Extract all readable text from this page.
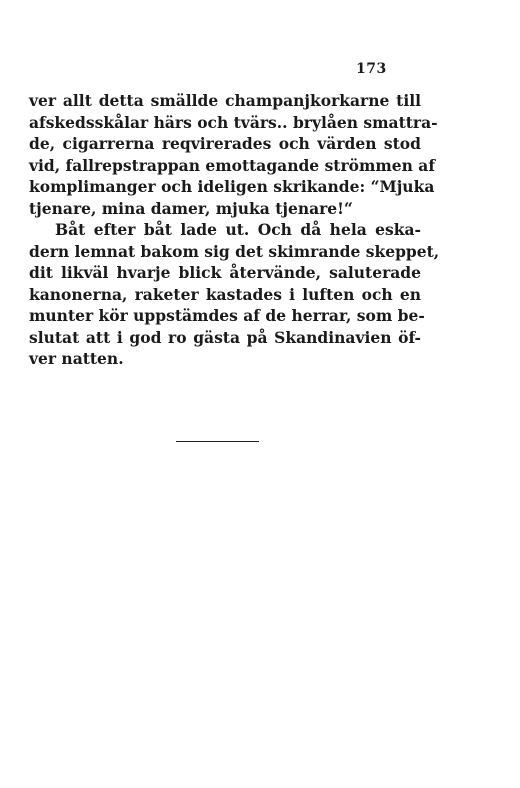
173
ver allt detta smällde champanjkorkarne till
afskedsskålar härs och tvärs.. brylåen smattra-
de, cigarrerna reqvirerades och värden stod
vid, fallrepstrappan emottagande strömmen af
komplimanger och ideligen skrikande: “Mjuka
tjenare, mina damer, mjuka tjenare!“
Båt efter båt lade ut. Och då hela eska-
dern lemnat bakom sig det skimrande skeppet,
dit likväl hvarje blick återvände, saluterade
kanonerna, raketer kastades i luften och en
munter kör uppstämdes af de herrar, som be-
slutat att i god ro gästa på Skandinavien öf-
ver natten.
